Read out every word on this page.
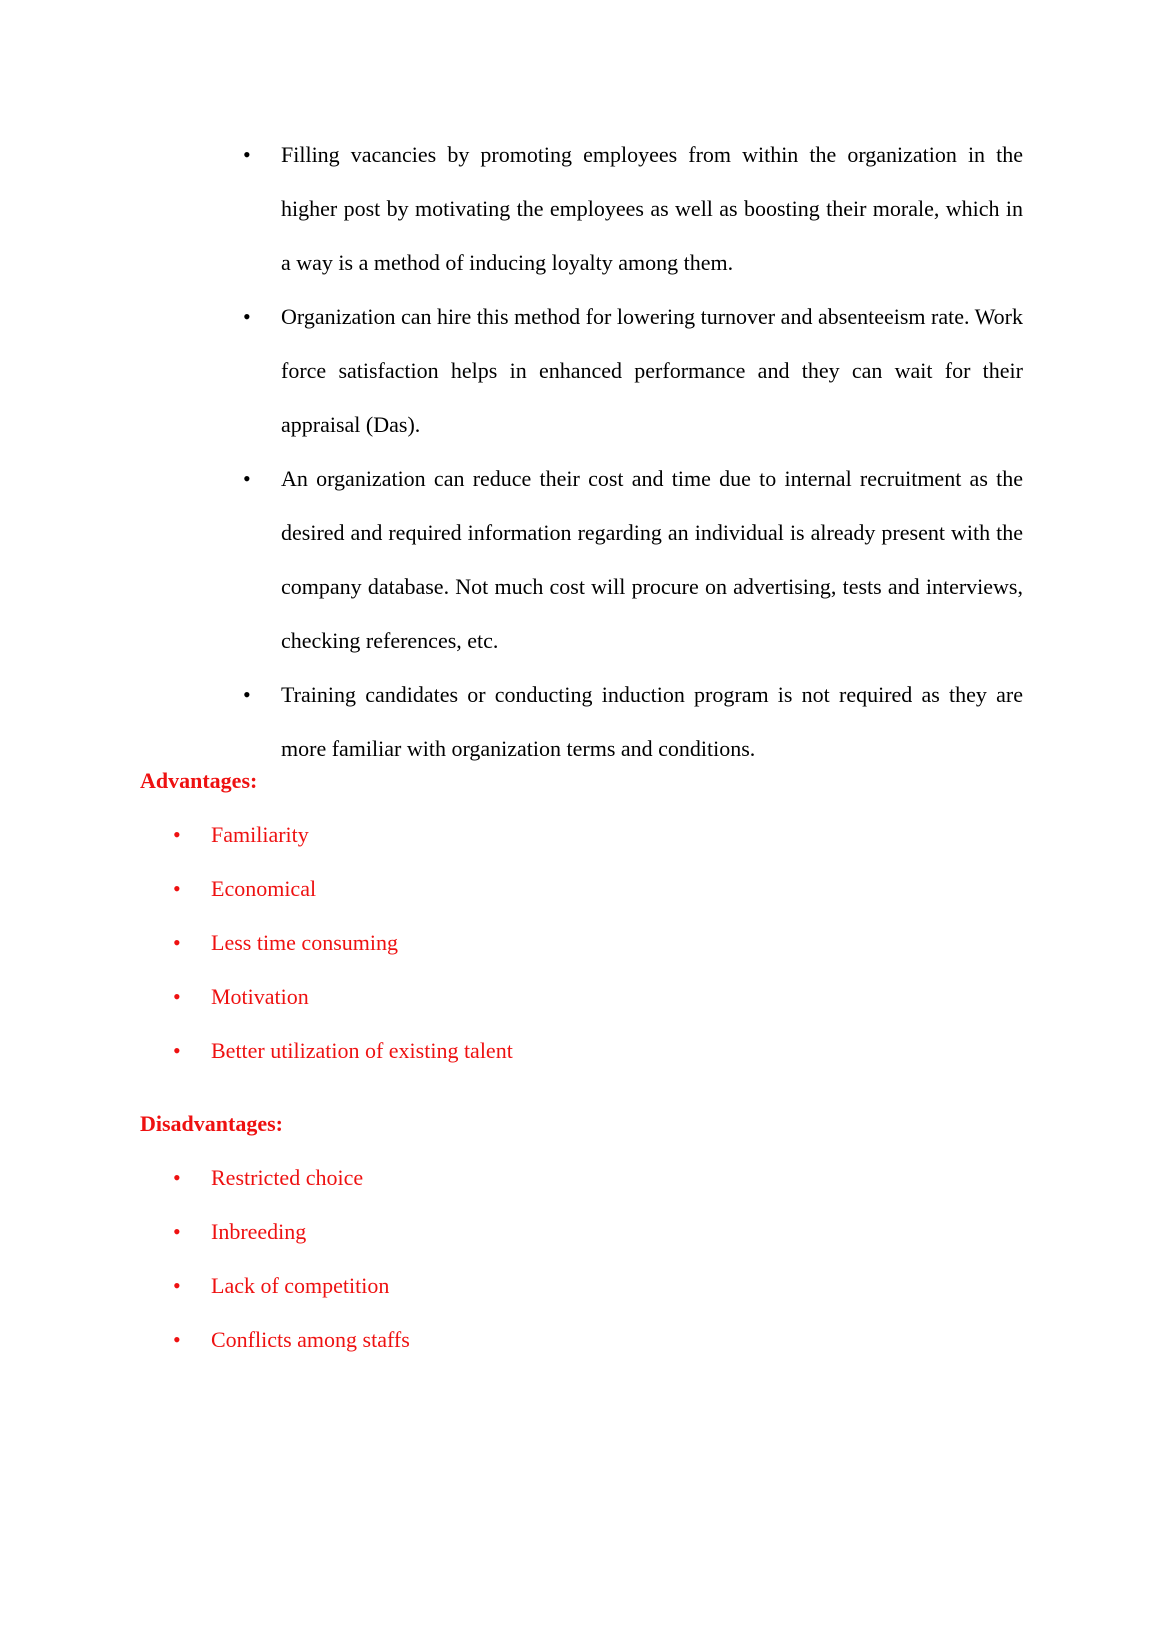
•	Filling vacancies by promoting employees from within the organization in the higher post by motivating the employees as well as boosting their morale, which in a way is a method of inducing loyalty among them.
•	Organization can hire this method for lowering turnover and absenteeism rate. Work force satisfaction helps in enhanced performance and they can wait for their appraisal (Das).
•	An organization can reduce their cost and time due to internal recruitment as the desired and required information regarding an individual is already present with the company database. Not much cost will procure on advertising, tests and interviews, checking references, etc.
•	Training candidates or conducting induction program is not required as they are more familiar with organization terms and conditions.
Advantages:
• Familiarity
• Economical
• Less time consuming
• Motivation
• Better utilization of existing talent
Disadvantages:
• Restricted choice
• Inbreeding
• Lack of competition
• Conflicts among staffs
